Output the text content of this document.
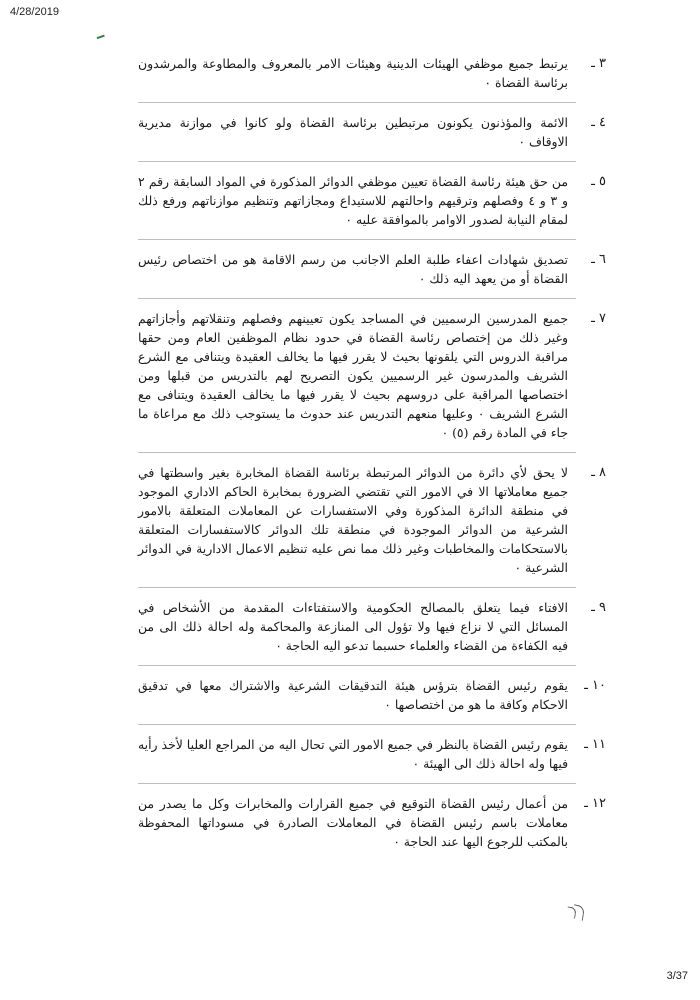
4/28/2019
٣ ـ
يرتبط جميع موظفي الهيئات الدينية وهيئات الامر بالمعروف والمطاوعة والمرشدون برئاسة القضاة ٠
٤ ـ
الائمة والمؤذنون يكونون مرتبطين برئاسة القضاة ولو كانوا في موازنة مديرية الاوقاف ٠
٥ ـ
من حق هيئة رئاسة القضاة تعيين موظفي الدوائر المذكورة في المواد السابقة رقم ٢ و ٣ و ٤ وفصلهم وترقيهم واحالتهم للاستيداع ومجازاتهم وتنظيم موازناتهم ورفع ذلك لمقام النيابة لصدور الاوامر بالموافقة عليه ٠
٦ ـ
تصديق شهادات اعفاء طلبة العلم الاجانب من رسم الاقامة هو من اختصاص رئيس القضاة أو من يعهد اليه ذلك ٠
٧ ـ
جميع المدرسين الرسميين في المساجد يكون تعيينهم وفصلهم وتنقلاتهم وأجازاتهم وغير ذلك من إختصاص رئاسة القضاة في حدود نظام الموظفين العام ومن حقها مراقبة الدروس التي يلقونها بحيث لا يقرر فيها ما يخالف العقيدة ويتنافى مع الشرع الشريف والمدرسون غير الرسميين يكون التصريح لهم بالتدريس من قبلها ومن اختصاصها المراقبة على دروسهم بحيث لا يقرر فيها ما يخالف العقيدة ويتنافى مع الشرع الشريف ٠ وعليها منعهم التدريس عند حدوث ما يستوجب ذلك مع مراعاة ما جاء في المادة رقم (٥) ٠
٨ ـ
لا يحق لأي دائرة من الدوائر المرتبطة برئاسة القضاة المخابرة بغير واسطتها في جميع معاملاتها الا في الامور التي تقتضي الضرورة بمخابرة الحاكم الاداري الموجود في منطقة الدائرة المذكورة وفي الاستفسارات عن المعاملات المتعلقة بالامور الشرعية من الدوائر الموجودة في منطقة تلك الدوائر كالاستفسارات المتعلقة بالاستحكامات والمخاطبات وغير ذلك مما نص عليه تنظيم الاعمال الادارية في الدوائر الشرعية ٠
٩ ـ
الافتاء فيما يتعلق بالمصالح الحكومية والاستفتاءات المقدمة من الأشخاص في المسائل التي لا نزاع فيها ولا تؤول الى المنازعة والمحاكمة وله احالة ذلك الى من فيه الكفاءة من القضاء والعلماء حسبما تدعو اليه الحاجة ٠
١٠ ـ
يقوم رئيس القضاة بترؤس هيئة التدقيقات الشرعية والاشتراك معها في تدقيق الاحكام وكافة ما هو من اختصاصها ٠
١١ ـ
يقوم رئيس القضاة بالنظر في جميع الامور التي تحال اليه من المراجع العليا لأخذ رأيه فيها وله احالة ذلك الى الهيئة ٠
١٢ ـ
من أعمال رئيس القضاة التوقيع في جميع القرارات والمخابرات وكل ما يصدر من معاملات باسم رئيس القضاة في المعاملات الصادرة في مسوداتها المحفوظة بالمكتب للرجوع اليها عند الحاجة ٠
3/37
